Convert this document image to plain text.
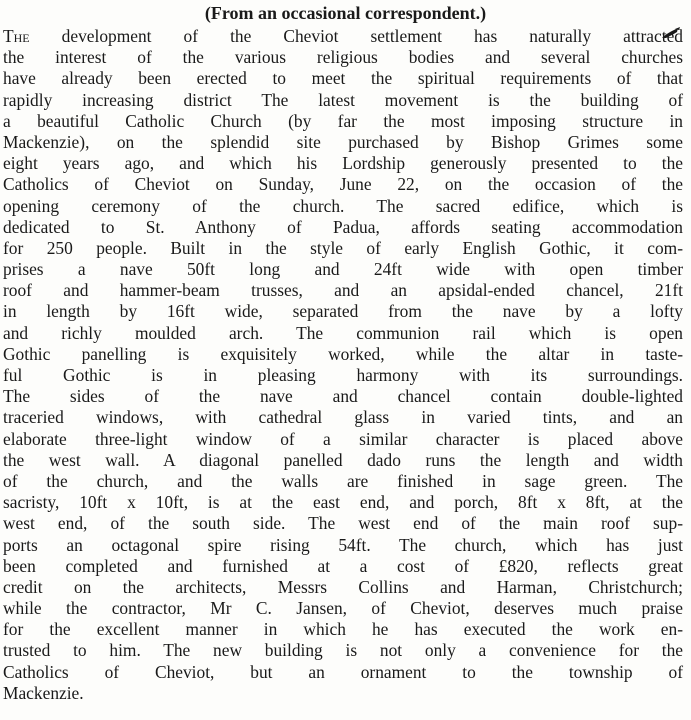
(From an occasional correspondent.)
The development of the Cheviot settlement has naturally attracted
the interest of the various religious bodies and several churches
have already been erected to meet the spiritual requirements of that
rapidly increasing district The latest movement is the building of
a beautiful Catholic Church (by far the most imposing structure in
Mackenzie), on the splendid site purchased by Bishop Grimes some
eight years ago, and which his Lordship generously presented to the
Catholics of Cheviot on Sunday, June 22, on the occasion of the
opening ceremony of the church. The sacred edifice, which is
dedicated to St. Anthony of Padua, affords seating accommodation
for 250 people. Built in the style of early English Gothic, it com-
prises a nave 50ft long and 24ft wide with open timber
roof and hammer-beam trusses, and an apsidal-ended chancel, 21ft
in length by 16ft wide, separated from the nave by a lofty
and richly moulded arch. The communion rail which is open
Gothic panelling is exquisitely worked, while the altar in taste-
ful Gothic is in pleasing harmony with its surroundings.
The sides of the nave and chancel contain double-lighted
traceried windows, with cathedral glass in varied tints, and an
elaborate three-light window of a similar character is placed above
the west wall. A diagonal panelled dado runs the length and width
of the church, and the walls are finished in sage green. The
sacristy, 10ft x 10ft, is at the east end, and porch, 8ft x 8ft, at the
west end, of the south side. The west end of the main roof sup-
ports an octagonal spire rising 54ft. The church, which has just
been completed and furnished at a cost of £820, reflects great
credit on the architects, Messrs Collins and Harman, Christchurch;
while the contractor, Mr C. Jansen, of Cheviot, deserves much praise
for the excellent manner in which he has executed the work en-
trusted to him. The new building is not only a convenience for the
Catholics of Cheviot, but an ornament to the township of
Mackenzie.
